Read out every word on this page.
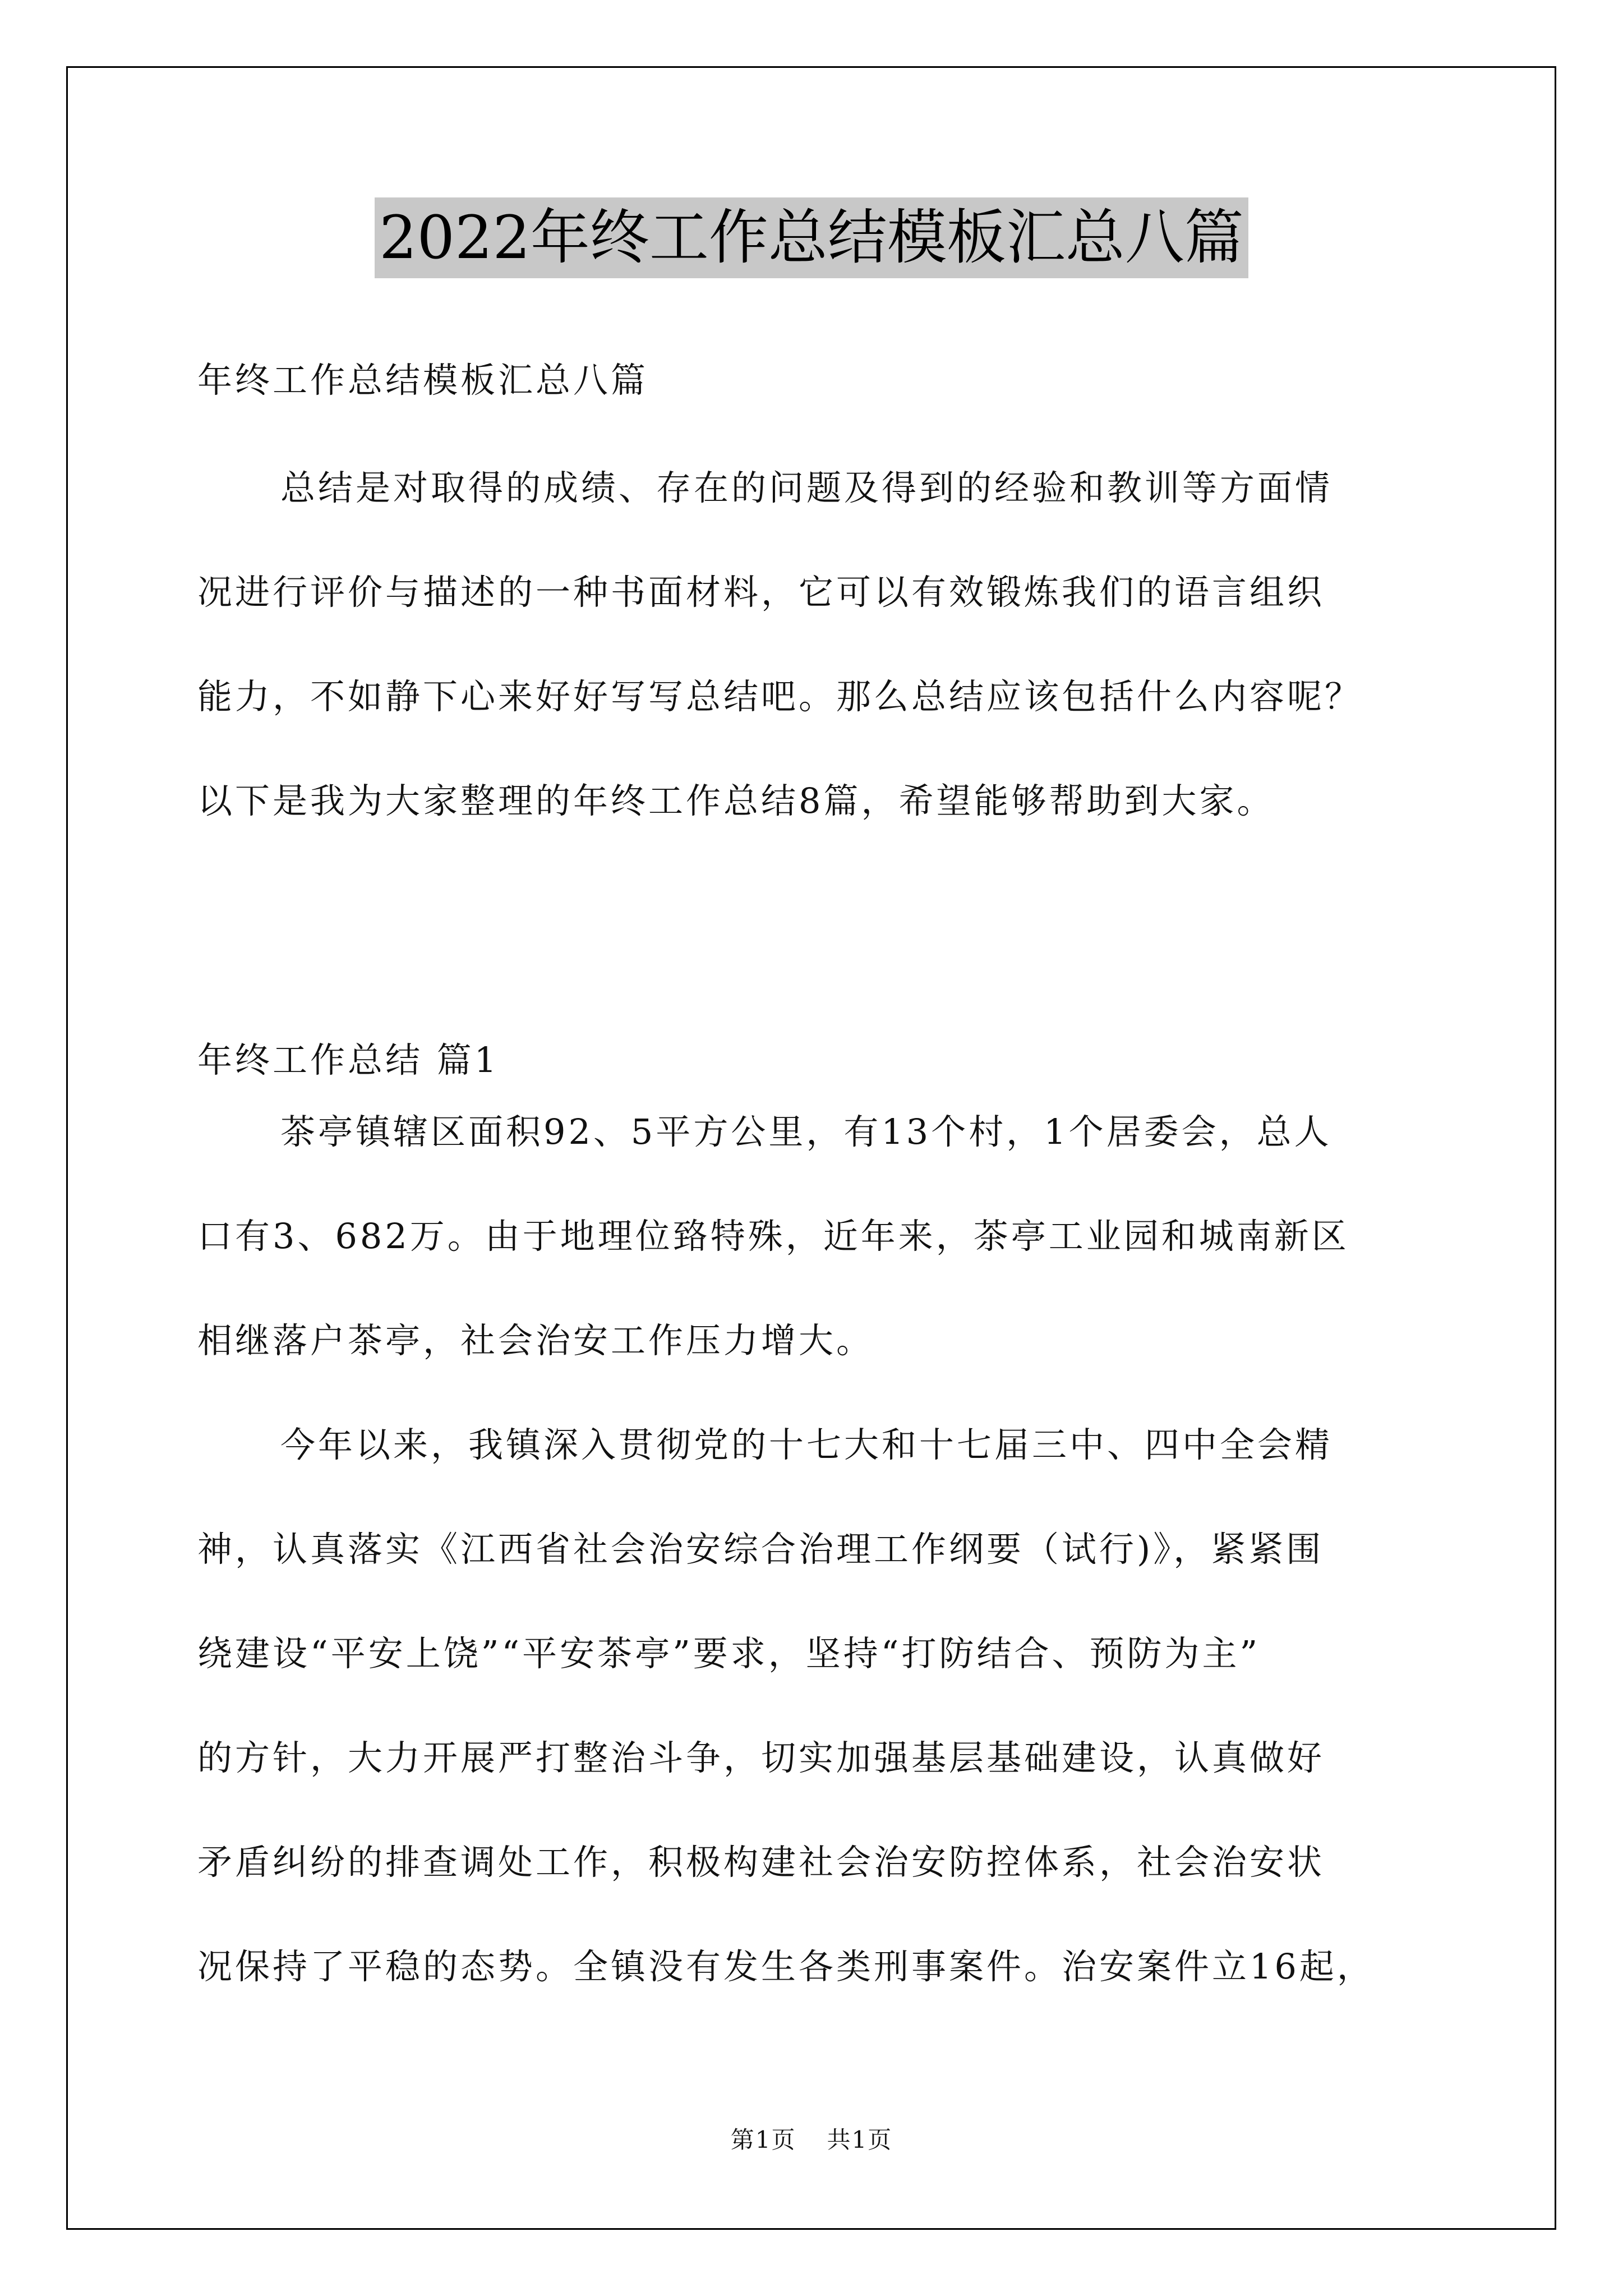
2022年终工作总结模板汇总八篇
年终工作总结模板汇总八篇
总结是对取得的成绩、存在的问题及得到的经验和教训等方面情
况进行评价与描述的一种书面材料，它可以有效锻炼我们的语言组织
能力，不如静下心来好好写写总结吧。那么总结应该包括什么内容呢？
以下是我为大家整理的年终工作总结8篇，希望能够帮助到大家。
年终工作总结 篇1
茶亭镇辖区面积92、5平方公里，有13个村，1个居委会，总人
口有3、682万。由于地理位臵特殊，近年来，茶亭工业园和城南新区
相继落户茶亭，社会治安工作压力增大。
今年以来，我镇深入贯彻党的十七大和十七届三中、四中全会精
神，认真落实《江西省社会治安综合治理工作纲要（试行)》，紧紧围
绕建设“平安上饶”“平安茶亭”要求，坚持“打防结合、预防为主”
的方针，大力开展严打整治斗争，切实加强基层基础建设，认真做好
矛盾纠纷的排查调处工作，积极构建社会治安防控体系，社会治安状
况保持了平稳的态势。全镇没有发生各类刑事案件。治安案件立16起，
第1页 共1页
